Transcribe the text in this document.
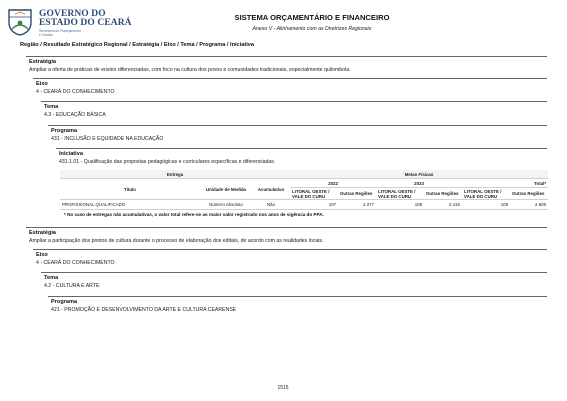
GOVERNO DO
ESTADO DO CEARÁ
Secretaria do Planejamento
e Gestão
SISTEMA ORÇAMENTÁRIO E FINANCEIRO
Anexo V - Alinhamento com as Diretrizes Regionais
Região / Resultado Estratégico Regional / Estratégia / Eixo / Tema / Programa / Iniciativa
Estratégia
Ampliar a oferta de práticas de ensino diferenciadas, com foco na cultura dos povos e comunidades tradicionais, especialmente quilombola.
Eixo
4 - CEARÁ DO CONHECIMENTO
Tema
4.3 - EDUCAÇÃO BÁSICA
Programa
431 - INCLUSÃO E EQUIDADE NA EDUCAÇÃO
Iniciativa
431.1.01 - Qualificação das propostas pedagógicas e curriculares específicas e diferenciadas.
Entrega			Metas Físicas					
Título	Unidade de Medida	Acumulativo	2022		2023		Total*	
			LITORAL OESTE / VALE DO CURU	Outras Regiões	LITORAL OESTE / VALE DO CURU	Outras Regiões	LITORAL OESTE / VALE DO CURU	Outras Regiões
PROFISSIONAL QUALIFICADO	Número Absoluto	Não	107	2.377	108	2.416	108	2.506
* No caso de entregas não acumulativas, o valor total refere-se ao maior valor registrado nos anos de vigência do PPA.
Estratégia
Ampliar a participação dos pontos de cultura durante o processo de elaboração dos editais, de acordo com as realidades locais.
Eixo
4 - CEARÁ DO CONHECIMENTO
Tema
4.2 - CULTURA E ARTE
Programa
421 - PROMOÇÃO E DESENVOLVIMENTO DA ARTE E CULTURA CEARENSE
1515
